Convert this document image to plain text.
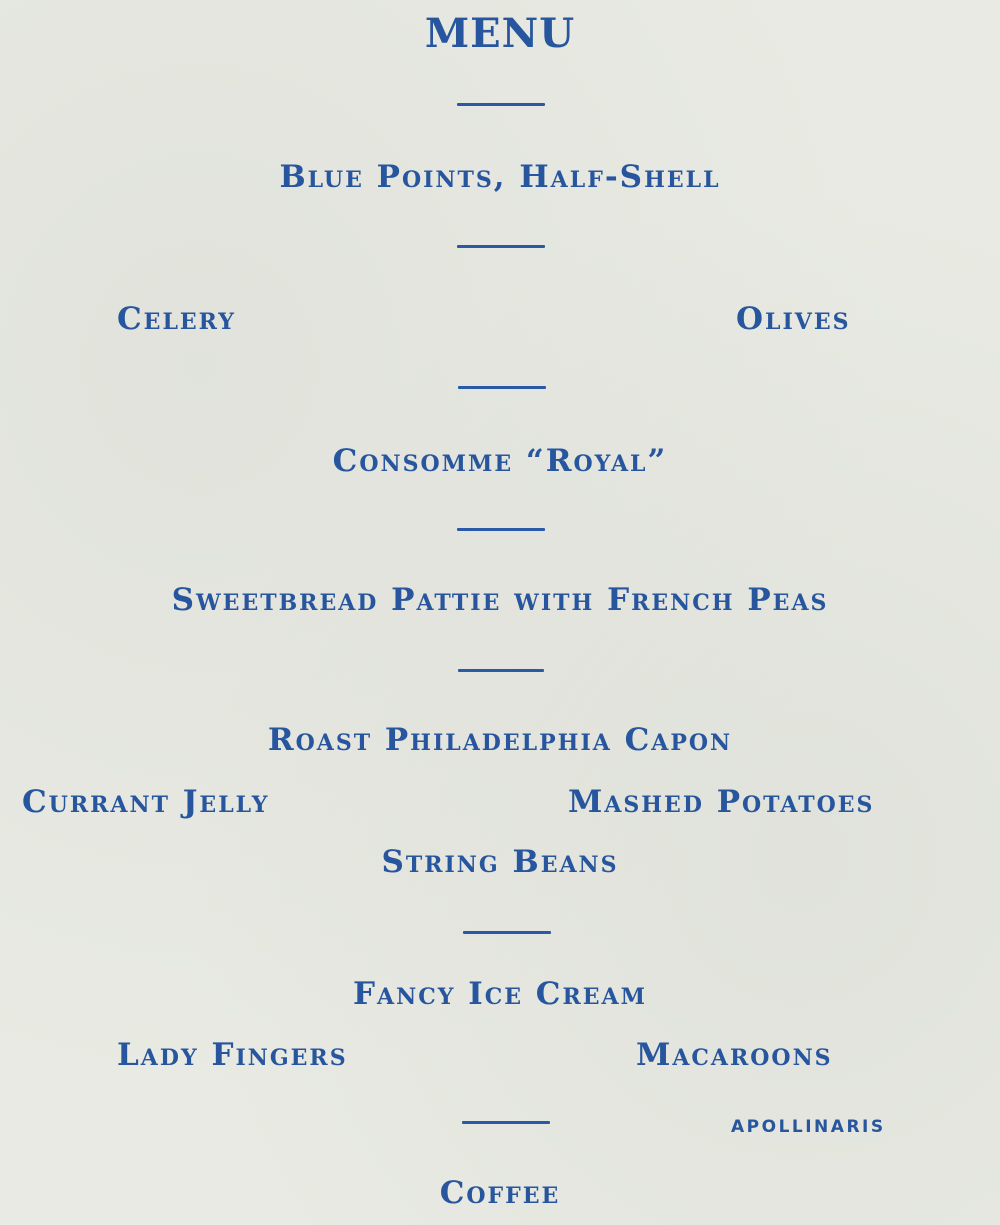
MENU
Blue Points, Half-Shell
Celery	Olives
Consomme “Royal”
Sweetbread Pattie with French Peas
Roast Philadelphia Capon
Currant Jelly	Mashed Potatoes
String Beans
Fancy Ice Cream
Lady Fingers	Macaroons
APOLLINARIS
Coffee
